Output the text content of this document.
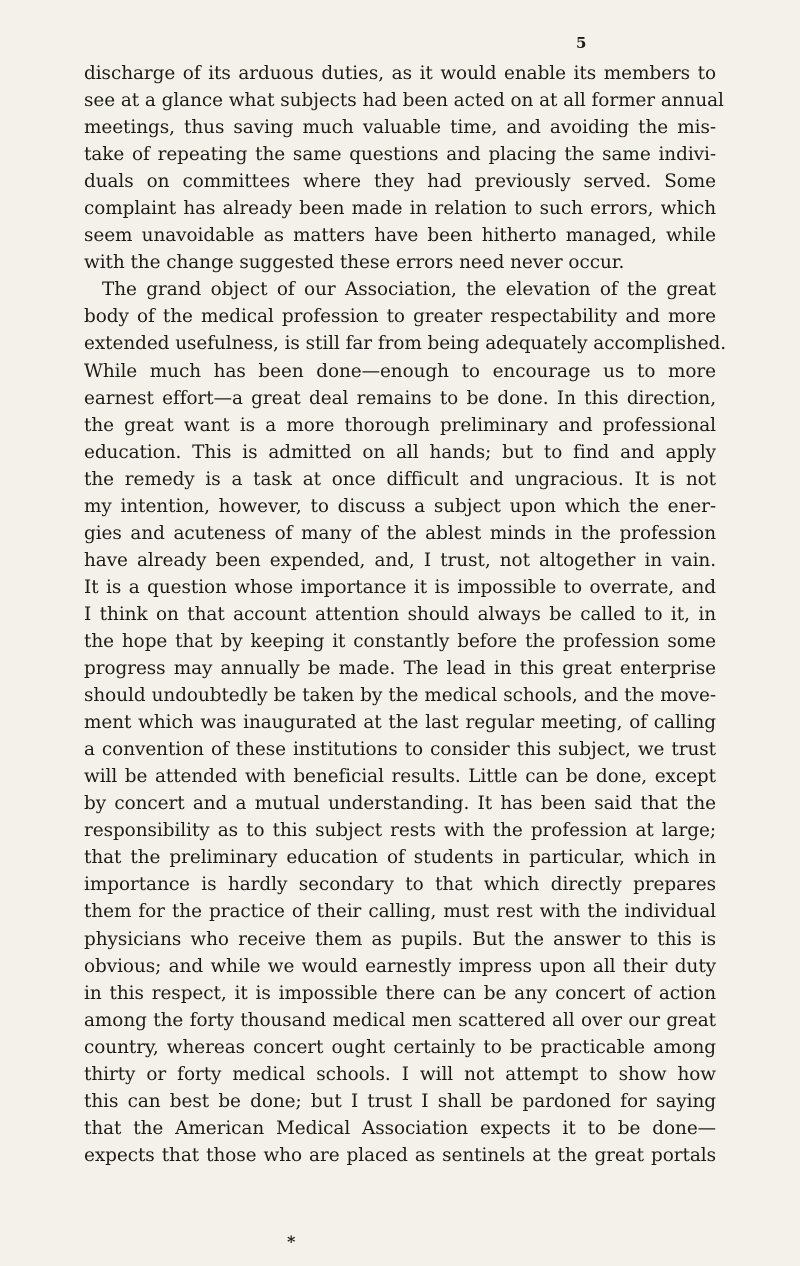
5
discharge of its arduous duties, as it would enable its members to
see at a glance what subjects had been acted on at all former annual
meetings, thus saving much valuable time, and avoiding the mis-
take of repeating the same questions and placing the same indivi-
duals on committees where they had previously served. Some
complaint has already been made in relation to such errors, which
seem unavoidable as matters have been hitherto managed, while
with the change suggested these errors need never occur.
The grand object of our Association, the elevation of the great
body of the medical profession to greater respectability and more
extended usefulness, is still far from being adequately accomplished.
While much has been done—enough to encourage us to more
earnest effort—a great deal remains to be done. In this direction,
the great want is a more thorough preliminary and professional
education. This is admitted on all hands; but to find and apply
the remedy is a task at once difficult and ungracious. It is not
my intention, however, to discuss a subject upon which the ener-
gies and acuteness of many of the ablest minds in the profession
have already been expended, and, I trust, not altogether in vain.
It is a question whose importance it is impossible to overrate, and
I think on that account attention should always be called to it, in
the hope that by keeping it constantly before the profession some
progress may annually be made. The lead in this great enterprise
should undoubtedly be taken by the medical schools, and the move-
ment which was inaugurated at the last regular meeting, of calling
a convention of these institutions to consider this subject, we trust
will be attended with beneficial results. Little can be done, except
by concert and a mutual understanding. It has been said that the
responsibility as to this subject rests with the profession at large;
that the preliminary education of students in particular, which in
importance is hardly secondary to that which directly prepares
them for the practice of their calling, must rest with the individual
physicians who receive them as pupils. But the answer to this is
obvious; and while we would earnestly impress upon all their duty
in this respect, it is impossible there can be any concert of action
among the forty thousand medical men scattered all over our great
country, whereas concert ought certainly to be practicable among
thirty or forty medical schools. I will not attempt to show how
this can best be done; but I trust I shall be pardoned for saying
that the American Medical Association expects it to be done—
expects that those who are placed as sentinels at the great portals
*
